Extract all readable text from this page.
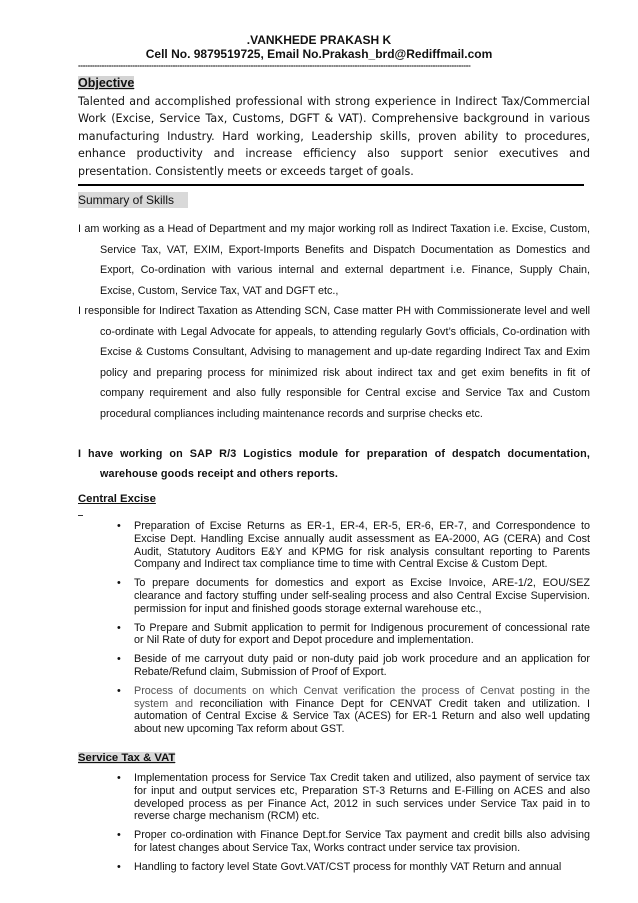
.VANKHEDE PRAKASH K
Cell No. 9879519725, Email No.Prakash_brd@Rediffmail.com
----------------------------------------------------------------------------------------------------------------------------------------------------------------------
Objective
Talented and accomplished professional with strong experience in Indirect Tax/Commercial Work (Excise, Service Tax, Customs, DGFT & VAT). Comprehensive background in various manufacturing Industry. Hard working, Leadership skills, proven ability to procedures, enhance productivity and increase efficiency also support senior executives and presentation. Consistently meets or exceeds target of goals.
Summary of Skills
I am working as a Head of Department and my major working roll as Indirect Taxation i.e. Excise, Custom, Service Tax, VAT, EXIM, Export-Imports Benefits and Dispatch Documentation as Domestics and Export, Co-ordination with various internal and external department i.e. Finance, Supply Chain, Excise, Custom, Service Tax, VAT and DGFT etc.,
I responsible for Indirect Taxation as Attending SCN, Case matter PH with Commissionerate level and well co-ordinate with Legal Advocate for appeals, to attending regularly Govt’s officials, Co-ordination with Excise & Customs Consultant, Advising to management and up-date regarding Indirect Tax and Exim policy and preparing process for minimized risk about indirect tax and get exim benefits in fit of company requirement and also fully responsible for Central excise and Service Tax and Custom procedural compliances including maintenance records and surprise checks etc.
I have working on SAP R/3 Logistics module for preparation of despatch documentation, warehouse goods receipt and others reports.
Central Excise
• Preparation of Excise Returns as ER-1, ER-4, ER-5, ER-6, ER-7, and Correspondence to Excise Dept. Handling Excise annually audit assessment as EA-2000, AG (CERA) and Cost Audit, Statutory Auditors E&Y and KPMG for risk analysis consultant reporting to Parents Company and Indirect tax compliance time to time with Central Excise & Custom Dept.
• To prepare documents for domestics and export as Excise Invoice, ARE-1/2, EOU/SEZ clearance and factory stuffing under self-sealing process and also Central Excise Supervision. permission for input and finished goods storage external warehouse etc.,
• To Prepare and Submit application to permit for Indigenous procurement of concessional rate or Nil Rate of duty for export and Depot procedure and implementation.
• Beside of me carryout duty paid or non-duty paid job work procedure and an application for Rebate/Refund claim, Submission of Proof of Export.
• Process of documents on which Cenvat verification the process of Cenvat posting in the system and reconciliation with Finance Dept for CENVAT Credit taken and utilization. I automation of Central Excise & Service Tax (ACES) for ER-1 Return and also well updating about new upcoming Tax reform about GST.
Service Tax & VAT
• Implementation process for Service Tax Credit taken and utilized, also payment of service tax for input and output services etc, Preparation ST-3 Returns and E-Filling on ACES and also developed process as per Finance Act, 2012 in such services under Service Tax paid in to reverse charge mechanism (RCM) etc.
• Proper co-ordination with Finance Dept.for Service Tax payment and credit bills also advising for latest changes about Service Tax, Works contract under service tax provision.
• Handling to factory level State Govt.VAT/CST process for monthly VAT Return and annual
